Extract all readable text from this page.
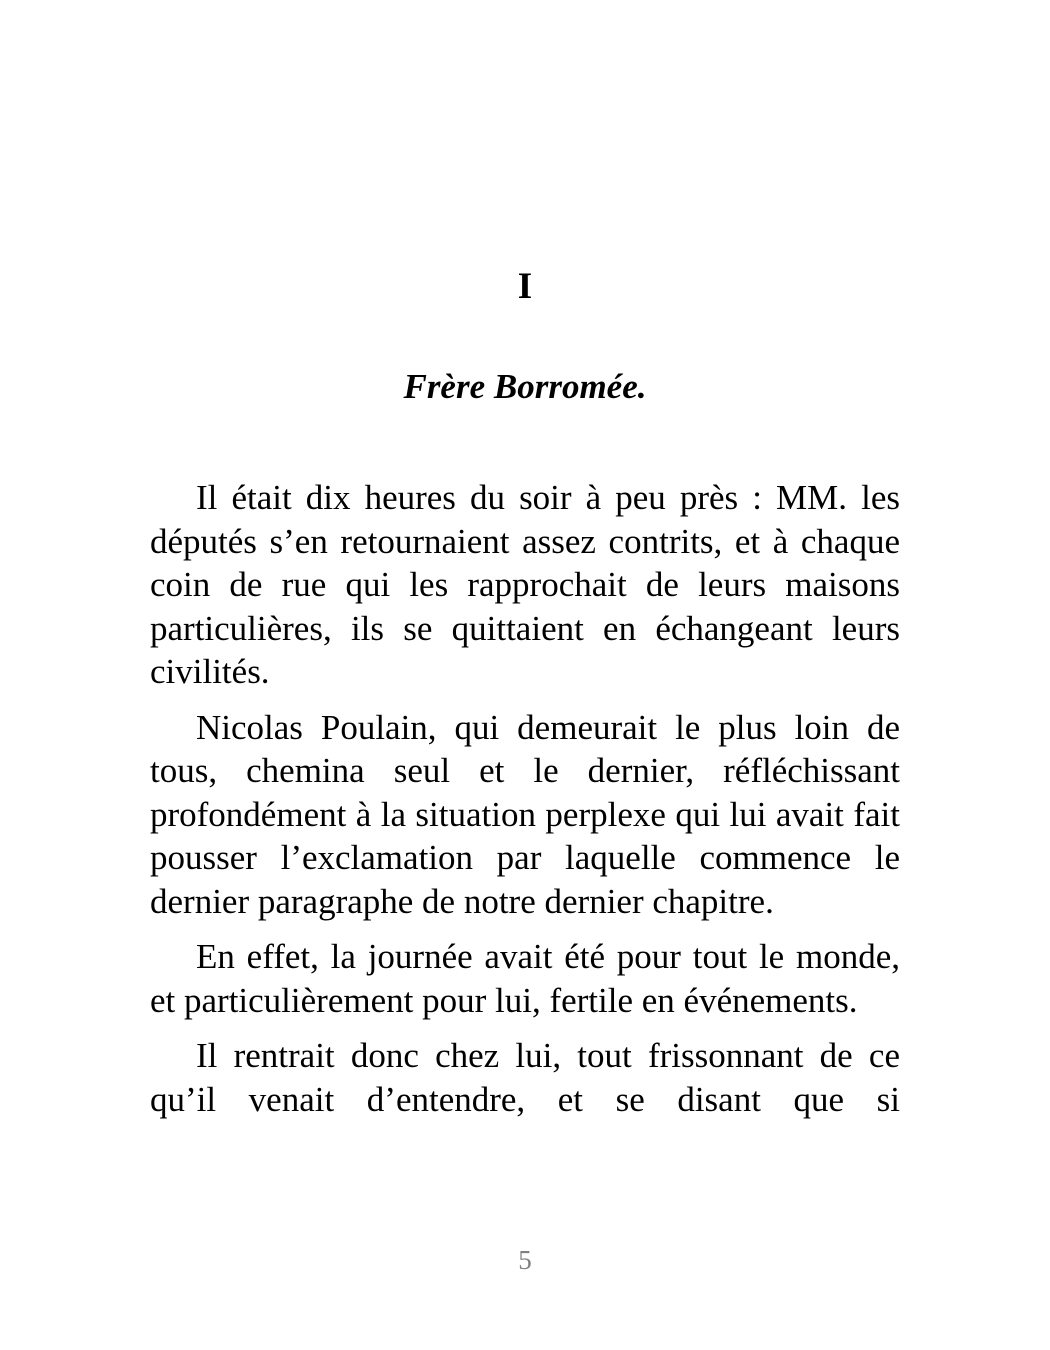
I
Frère Borromée.

Il était dix heures du soir à peu près : MM. les députés s’en retournaient assez contrits, et à chaque coin de rue qui les rapprochait de leurs maisons particulières, ils se quittaient en échangeant leurs civilités.

Nicolas Poulain, qui demeurait le plus loin de tous, chemina seul et le dernier, réfléchissant profondément à la situation perplexe qui lui avait fait pousser l’exclamation par laquelle commence le dernier paragraphe de notre dernier chapitre.

En effet, la journée avait été pour tout le monde, et particulièrement pour lui, fertile en événements.

Il rentrait donc chez lui, tout frissonnant de ce qu’il venait d’entendre, et se disant que si

5
